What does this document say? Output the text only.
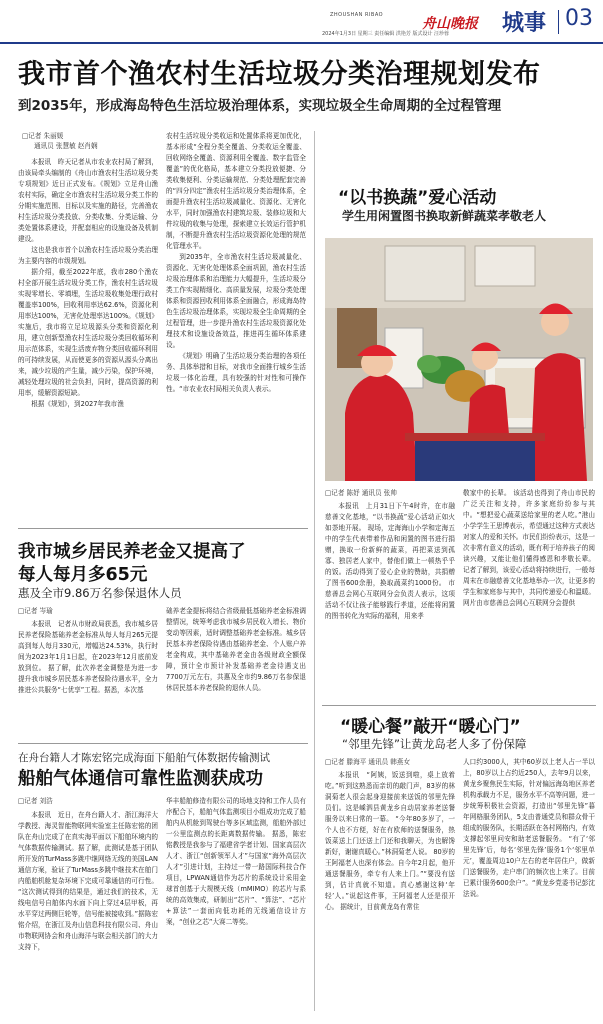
ZHOUSHAN RIBAO
舟山晚报 城事 03
2024年1月3日 星期三 责任编辑 洪艳芳 版式设计 汪珍蓉
我市首个渔农村生活垃圾分类治理规划发布
到2035年，形成海岛特色生活垃圾治理体系，实现垃圾全生命周期的全过程管理
□记者 朱丽媛
通讯员 张慧敏 赵肖娴

本报讯　昨天记者从市农业农村局了解到，由该局牵头编制的《舟山市渔农村生活垃圾分类专项规划》近日正式发布。《规划》立足舟山渔农村实际，确定全市渔农村生活垃圾分类工作的分期实施范围、目标以及实施的路径，完善渔农村生活垃圾分类投放、分类收集、分类运输、分类处置体系建设，并配套相应的设施设备及机制建设。

这也是我市首个以渔农村生活垃圾分类治理为主要内容的市级规划。

据介绍，截至2022年底，我市280个渔农村全部开展生活垃圾分类工作，渔农村生活垃圾实现零增长、零填埋，生活垃圾收集处理行政村覆盖率100%，回收利用率达62.6%，资源化利用率达100%，无害化处理率达100%。《规划》实施后，我市将立足垃圾源头分类和资源化利用，建立创新型渔农村生活垃圾分类回收循环利用示范体系，实现生活废弃物分类回收循环利用的可持续发展，从而使更多的资源从源头分离出来，减少垃圾的产生量，减少污染，保护环境，减轻处理垃圾的社会负担，同时，提高资源的利用率，缓解资源短缺。

根据《规划》，到2027年我市渔

农村生活垃圾分类收运和处置体系将更加优化，基本形成“全程分类全覆盖、分类收运全覆盖、回收网络全覆盖、资源利用全覆盖、数字监管全覆盖”的优化格局，基本建立分类投放便捷、分类收集便利、分类运输规范、分类处理配套完善的“四分四定”渔农村生活垃圾分类治理体系，全面提升渔农村生活垃圾减量化、资源化、无害化水平，同时加强渔农村建筑垃圾、装修垃圾和大件垃圾的收集与处理，探索建立长效运行管护机制，不断提升渔农村生活垃圾资源化处理的规范化管理水平。

到2035年，全市渔农村生活垃圾减量化、资源化、无害化处理体系全面巩固，渔农村生活垃圾治理体系和治理能力大幅提升，生活垃圾分类工作实现精细化、高质量发展，垃圾分类处理体系和资源回收利用体系全面融合，形成海岛特色生活垃圾治理体系，实现垃圾全生命周期的全过程管理，进一步提升渔农村生活垃圾资源化处理技术和设施设备效益，推进再生循环体系建设。

《规划》明确了生活垃圾分类治理的各项任务、具体举措和目标，对我市全面推行城乡生活垃圾一体化治理，具有较强的针对性和可操作性。“市农业农村局相关负责人表示。

“以书换蔬”爱心活动
学生用闲置图书换取新鲜蔬菜孝敬老人
□记者 陈妤 通讯员 张帅

本报讯　上月31日下午4时许，在市融慈善文化基地，“以书换蔬”爱心活动正如火如荼地开展。 现场，定海海山小学和定海五中的学生代表带着作品和闲置的图书进行捐赠，换取一份新鲜的蔬菜，再把菜送到孤寡、独居老人家中，替他们做上一顿热乎乎的饭。活动得到了爱心企业的赞助，共捐赠了图书600余册，换取蔬菜约1000份。 市慈善总会网心互联网分会负责人表示，这项活动不仅让孩子能够践行孝道，还能将闲置的图书转化为实际的福利，用来孝

敬家中的长辈。 该活动也得到了舟山市民的广泛关注和支持，许多家庭纷纷参与其中。“想把爱心蔬菜送给家里的老人吃。”港山小学学生王思博表示，希望通过这种方式表达对家人的爱和关怀。市民们纷纷表示，这是一次非常有意义的活动，既有利于培养孩子的阅读兴趣，又能让他们懂得感恩和孝敬长辈。 记者了解到，该爱心活动将持续进行，一般每周末在市融慈善文化基地举办一次，让更多的学生和家庭参与其中，共同传递爱心和温暖。 网片由市慈善总会网心互联网分会提供

我市城乡居民养老金又提高了
每人每月多65元
惠及全市9.86万名参保退休人员
□记者 岑瑜

本报讯　记者从市财政局获悉，我市城乡居民养老保险基础养老金标准从每人每月265元提高到每人每月330元，增幅达24.53%，执行时间为2023年1月1日起，在2023年12月底前发放到位。 据了解，此次养老金调整是为进一步提升我市城乡居民基本养老保险待遇水平，全力推进公共服务“七优享”工程。据悉，本次基

础养老金提标将结合省级最低基础养老金标准调整情况，统筹考虑我市城乡居民收入增长、物价变动等因素，适时调整基础养老金标准。城乡居民基本养老保险待遇由基础养老金、个人账户养老金构成，其中基础养老金由各级财政全额保障，预计全市预计补发基础养老金待遇支出7700万元左右，共惠及全市约9.86万名参保退休居民基本养老保险的退休人员。

在舟台籍人才陈宏铭完成海面下船舶气体数据传输测试
船舶气体通信可靠性监测获成功
□记者 刘浩

本报讯　近日，在舟台籍人才、浙江海洋大学教授、海灵智能物联网实验室主任陈宏铭的团队在舟山完成了在真实海平面以下船舶环境内的气体数据传输测试。据了解，此测试是基于团队所开发的TurMass多跳中继网络无线的美国LAN通信方案，验证了TurMass多跳中继技术在舶门内船舶机舱复杂环境下完成可靠通信的可行性。 “这次测试得到的结果是，通过我们的技术，无线电信号自舶体内水面下向上穿过4层甲板，再水平穿过两侧巨轮等，信号能被接收到。”据陈宏铭介绍，在浙江及舟山信息科技有限公司、舟山市物联网协会和舟山海洋与联会相关部门的大力支持下，

华丰船舶修造有限公司的场地支持和工作人员有序配合下，船舶气体监测项目小组成功完成了船舶内从机舱到驾驶台等多区域监测，船舶外部过一公里监测点的长距离数据传输。 据悉，陈宏铭教授是我参与了福建省学者计划、国家高层次人才、浙江“创新领军人才”与国家“海外高层次人才”引进计划，主持过一带一路国际科技合作项目，LPWAN通信作为芯片的系统设计采用金球首创基于大规模天线（mMIMO）的芯片与系统的高效集成，研制出“芯片”、“算法”、“芯片+算法”一套面向低功耗的无线通信设计方案，“创业之芯”大赛二等奖。

“暖心餐”敲开“暖心门”
“邻里先锋”让黄龙岛老人多了份保障
□记者 滕海平 通讯员 韩燕女

本报讯　“阿姨，饭送到啦，桌上放着吃。”听到这熟悉而亲切的敲门声，83岁的林洞菊老人很会起身迎接前来送饭的邻里先锋员们。这是嵊泗县黄龙乡自动居家养老送餐服务以来日常的一幕。 “今年80多岁了，一个人也不方便，好在有欧师的送餐服务，热饭菜送上门还送上门还和我聊天，为也解馋新好，谢谢真暖心。”林洞菊老人说。 80岁的王阿福老人也深有体会。自今年2月起，他开通送餐服务，牵专有人来上门。”“要没有送到，估计真就不知道。真心感谢这种‘年轻’人。”说起这件事，王阿福老人还是很开心。 据统计，目前黄龙岛有常住

人口约3000人，其中60岁以上老人占一半以上，80岁以上占约近250人，去年9月以来，黄龙乡聚焦民生实际，针对偏远海岛地区养老机构承载力不足，服务水平不高等问题，进一步统筹积极社会资源，打造出“邻里先锋”暮年网格服务团队，5支由普通党员和群众骨干组成的服务队，长期活跃在各村网格内，有效支撑起邻里问安和助老送餐服务。 “有了‘邻里先锋’后，每名‘邻里先锋’服务1个‘邻里单元’，覆盖周边10户左右的老年居住户，做新门送餐服务，走户串门的频次也上来了。目前已累计服务600余户”。“黄龙乡党委书记彭沈法说。
